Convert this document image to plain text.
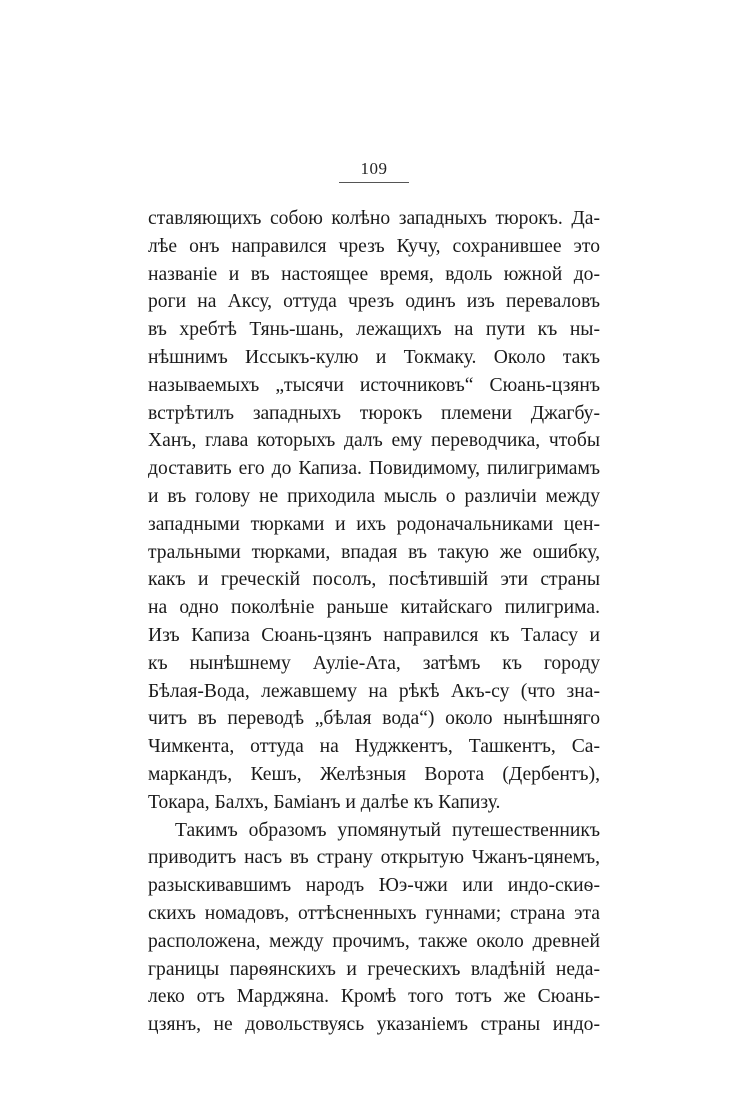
109
ставляющихъ собою колѣно западныхъ тюрокъ. Да-
лѣе онъ направился чрезъ Кучу, сохранившее это
названіе и въ настоящее время, вдоль южной до-
роги на Аксу, оттуда чрезъ одинъ изъ переваловъ
въ хребтѣ Тянь-шань, лежащихъ на пути къ ны-
нѣшнимъ Иссыкъ-кулю и Токмаку. Около такъ
называемыхъ „тысячи источниковъ“ Сюань-цзянъ
встрѣтилъ западныхъ тюрокъ племени Джагбу-
Ханъ, глава которыхъ далъ ему переводчика, чтобы
доставить его до Капиза. Повидимому, пилигримамъ
и въ голову не приходила мысль о различіи между
западными тюрками и ихъ родоначальниками цен-
тральными тюрками, впадая въ такую же ошибку,
какъ и греческій посолъ, посѣтившій эти страны
на одно поколѣніе раньше китайскаго пилигрима.
Изъ Капиза Сюань-цзянъ направился къ Таласу и
къ нынѣшнему Ауліе-Ата, затѣмъ къ городу
Бѣлая-Вода, лежавшему на рѣкѣ Акъ-су (что зна-
читъ въ переводѣ „бѣлая вода“) около нынѣшняго
Чимкента, оттуда на Нуджкентъ, Ташкентъ, Са-
маркандъ, Кешъ, Желѣзныя Ворота (Дербентъ),
Токара, Балхъ, Баміанъ и далѣе къ Капизу.
Такимъ образомъ упомянутый путешественникъ
приводитъ насъ въ страну открытую Чжанъ-цянемъ,
разыскивавшимъ народъ Юэ-чжи или индо-скиѳ-
скихъ номадовъ, оттѣсненныхъ гуннами; страна эта
расположена, между прочимъ, также около древней
границы парѳянскихъ и греческихъ владѣній неда-
леко отъ Марджяна. Кромѣ того тотъ же Сюань-
цзянъ, не довольствуясь указаніемъ страны индо-
